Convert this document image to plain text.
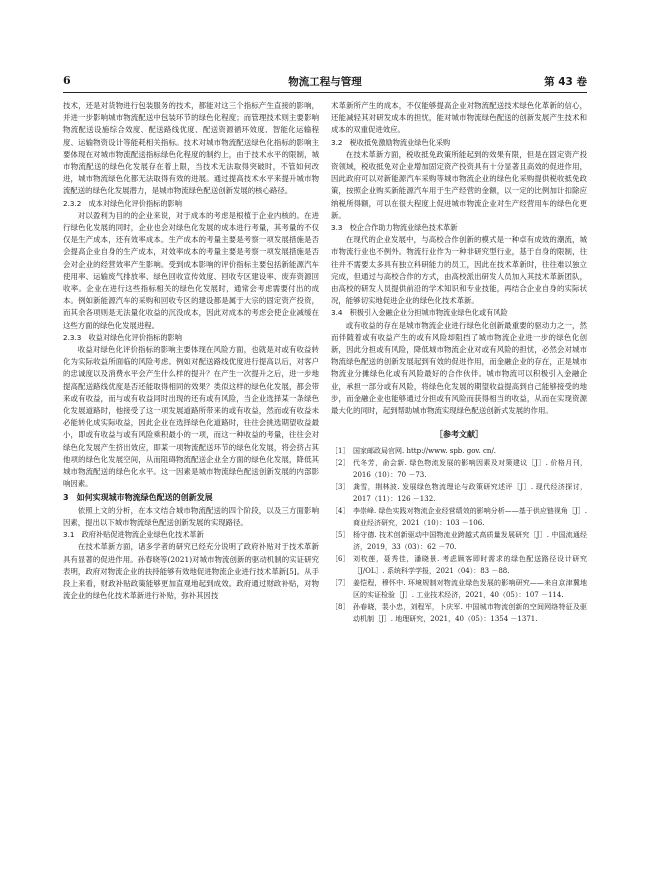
6	物流工程与管理	第 43 卷

技术，还是对货物进行包装服务的技术，都能对这三个指标产生直接的影响，并进一步影响城市物流配送中包装环节的绿色化程度；而管理技术则主要影响物流配送设施综合效度、配送路线优度、配送资源循环效度、智能化运输程度、运输物资设计等能耗相关指标。技术对城市物流配送绿色化指标的影响主要体现在对城市物流配送指标绿色化程度的制约上，由于技术水平的限制，城市物流配送的绿色化发展存在着上限，当技术无法取得突破时，不管如何改进，城市物流绿色化都无法取得有效的进展。通过提高技术水平来提升城市物流配送的绿色化发展潜力，是城市物流绿色配送创新发展的核心路径。

2.3.2　成本对绿色化评价指标的影响

对以盈利为目的的企业来说，对于成本的考虑是根植于企业内核的。在进行绿色化发展的同时，企业也会对绿色化发展的成本进行考量，其考量的不仅仅是生产成本，还有效率成本。生产成本的考量主要是考察一项发展措施是否会提高企业自身的生产成本，对效率成本的考量主要是考察一项发展措施是否会对企业的经营效率产生影响。受到成本影响的评价指标主要包括新能源汽车使用率、运输废气排放率、绿色回收宣传效度、回收专区建设率、废弃资源回收率。企业在进行这些指标相关的绿色化发展时，通常会考虑需要付出的成本。例如新能源汽车的采购和回收专区的建设都是属于大宗的固定资产投资，而其余各项则是无法量化收益的沉没成本，因此对成本的考虑会使企业减缓在这些方面的绿色化发展进程。

2.3.3　收益对绿色化评价指标的影响

收益对绿色化评价指标的影响主要体现在风险方面，也就是对或有收益转化为实际收益所面临的风险考虑。例如对配送路线优度进行提高以后，对客户的忠诚度以及消费水平会产生什么样的提升？在产生一次提升之后，进一步地提高配送路线优度是否还能取得相同的效果？类似这样的绿色化发展，都会带来或有收益，而与或有收益同时出现的还有或有风险，当企业选择某一条绿色化发展道路时，他接受了这一项发展道路所带来的或有收益，然而或有收益未必能转化成实际收益，因此企业在选择绿色化道路时，往往会挑选期望收益最小，即或有收益与或有风险乘积最小的一项，而这一种收益的考量，往往会对绿色化发展产生挤出效应，即某一项物流配送环节的绿色化发展，将会挤占其他项的绿色化发展空间，从而阻碍物流配送企业全方面的绿色化发展，降低其城市物流配送的绿色化水平。这一因素是城市物流绿色配送创新发展的内部影响因素。

3　如何实现城市物流绿色配送的创新发展

依照上文的分析，在本文结合城市物流配送的四个阶段，以及三方面影响因素，提出以下城市物流绿色配送创新发展的实现路径。

3.1　政府补贴促进物流企业绿色化技术革新

在技术革新方面，诸多学者的研究已经充分说明了政府补贴对于技术革新具有显著的促进作用。孙春晓等(2021)对城市物流创新的驱动机制的实证研究表明，政府对物流企业的扶持能够有效地促进物流企业进行技术革新[5]。从手段上来看，财政补贴政策能够更加直观地起到成效。政府通过财政补贴，对物流企业的绿色化技术革新进行补贴，弥补其因技

术革新所产生的成本，不仅能够提高企业对物流配送技术绿色化革新的信心，还能减轻其对研发成本的担忧，能对城市物流绿色配送的创新发展产生技术和成本的双重促进效应。

3.2　税收抵免激励物流业绿色化采购

在技术革新方面，税收抵免政策所能起到的效果有限，但是在固定资产投资领域，税收抵免对企业增加固定资产投资具有十分显著且高效的促进作用，因此政府可以对新能源汽车采购等城市物流企业的绿色化采购提供税收抵免政策，按照企业购买新能源汽车用于生产经营的金额，以一定的比例加计扣除应纳税所得额，可以在很大程度上促进城市物流企业对生产经营用车的绿色化更新。

3.3　校企合作助力物流业绿色技术革新

在现代的企业发展中，与高校合作创新的模式是一种卓有成效的潮流，城市物流行业也不例外。物流行业作为一种非研究型行业，基于自身的限制，往往并不需要太多具有独立科研能力的员工，因此在技术革新时，往往难以独立完成，但通过与高校合作的方式，由高校派出研发人员加入其技术革新团队，由高校的研发人员提供前沿的学术知识和专业技能，再结合企业自身的实际状况，能够切实地促进企业的绿色化技术革新。

3.4　积极引入金融企业分担城市物流业绿色化或有风险

或有收益的存在是城市物流企业进行绿色化创新最重要的驱动力之一，然而伴随着或有收益产生的或有风险却阻挡了城市物流企业进一步的绿色化创新，因此分担或有风险，降低城市物流企业对或有风险的担忧，必然会对城市物流绿色配送的创新发展起到有效的促进作用，而金融企业的存在，正是城市物流业分摊绿色化或有风险最好的合作伙伴。城市物流可以积极引入金融企业，承担一部分或有风险，将绿色化发展的期望收益提高到自己能够接受的地步，而金融企业也能够通过分担或有风险而获得相当的收益，从而在实现资源最大化的同时，起到帮助城市物流实现绿色配送创新式发展的作用。

［参考文献］
［1］ 国家邮政局官网. http://www. spb. gov. cn/.
［2］ 代冬芳，俞会新. 绿色物流发展的影响因素及对策建议［J］. 价格月刊，2016（10）：70 －73.
［3］ 龚雪，荆林波. 发展绿色物流理论与政策研究述评［J］. 现代经济探讨，2017（11）：126 －132.
［4］ 李崇峰. 绿色实践对物流企业经营绩效的影响分析——基于供应链视角［J］. 商业经济研究，2021（10）：103 －106.
［5］ 杨守德. 技术创新驱动中国物流业跨越式高质量发展研究［J］. 中国流通经济，2019，33（03）：62 －70.
［6］ 刘枚莲，聂秀佳，潘晓景. 考虑顾客即时需求的绿色配送路径设计研究［J/OL］. 系统科学学报，2021（04）：83 －88.
［7］ 姜恺程，穆怀中. 环境规制对物流业绿色发展的影响研究——来自京津冀地区的实证检验［J］. 工业技术经济，2021，40（05）：107 －114.
［8］ 孙春晓，裴小忠，刘程军，卜庆军. 中国城市物流创新的空间网络特征及驱动机制［J］. 地理研究，2021，40（05）：1354 －1371.
